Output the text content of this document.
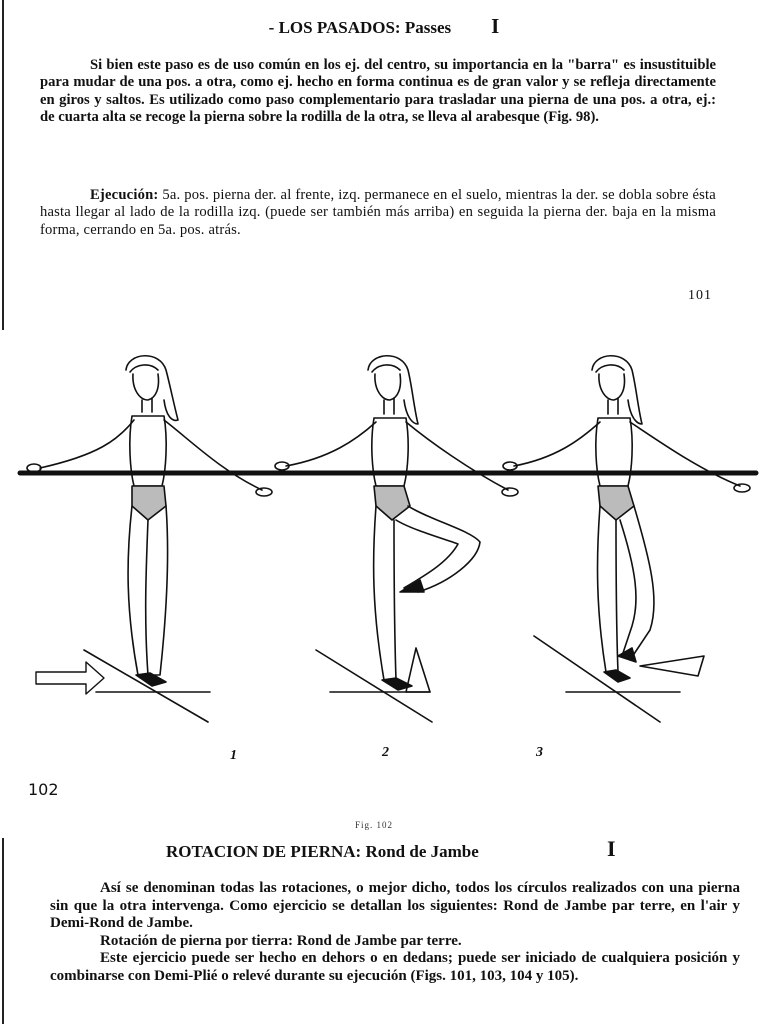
- LOS PASADOS: Passes I
Si bien este paso es de uso común en los ej. del centro, su importancia en la "barra" es insustituible para mudar de una pos. a otra, como ej. hecho en forma continua es de gran valor y se refleja directamente en giros y saltos. Es utilizado como paso complementario para trasladar una pierna de una pos. a otra, ej.: de cuarta alta se recoge la pierna sobre la rodilla de la otra, se lleva al arabesque (Fig. 98).
Ejecución: 5a. pos. pierna der. al frente, izq. permanece en el suelo, mientras la der. se dobla sobre ésta hasta llegar al lado de la rodilla izq. (puede ser también más arriba) en seguida la pierna der. baja en la misma forma, cerrando en 5a. pos. atrás.
101
1	2	3
102
Fig. 102
ROTACION DE PIERNA: Rond de Jambe	I
Así se denominan todas las rotaciones, o mejor dicho, todos los círculos realizados con una pierna sin que la otra intervenga. Como ejercicio se detallan los siguientes: Rond de Jambe par terre, en l'air y Demi-Rond de Jambe.
Rotación de pierna por tierra: Rond de Jambe par terre.
Este ejercicio puede ser hecho en dehors o en dedans; puede ser iniciado de cualquiera posición y combinarse con Demi-Plié o relevé durante su ejecución (Figs. 101, 103, 104 y 105).
